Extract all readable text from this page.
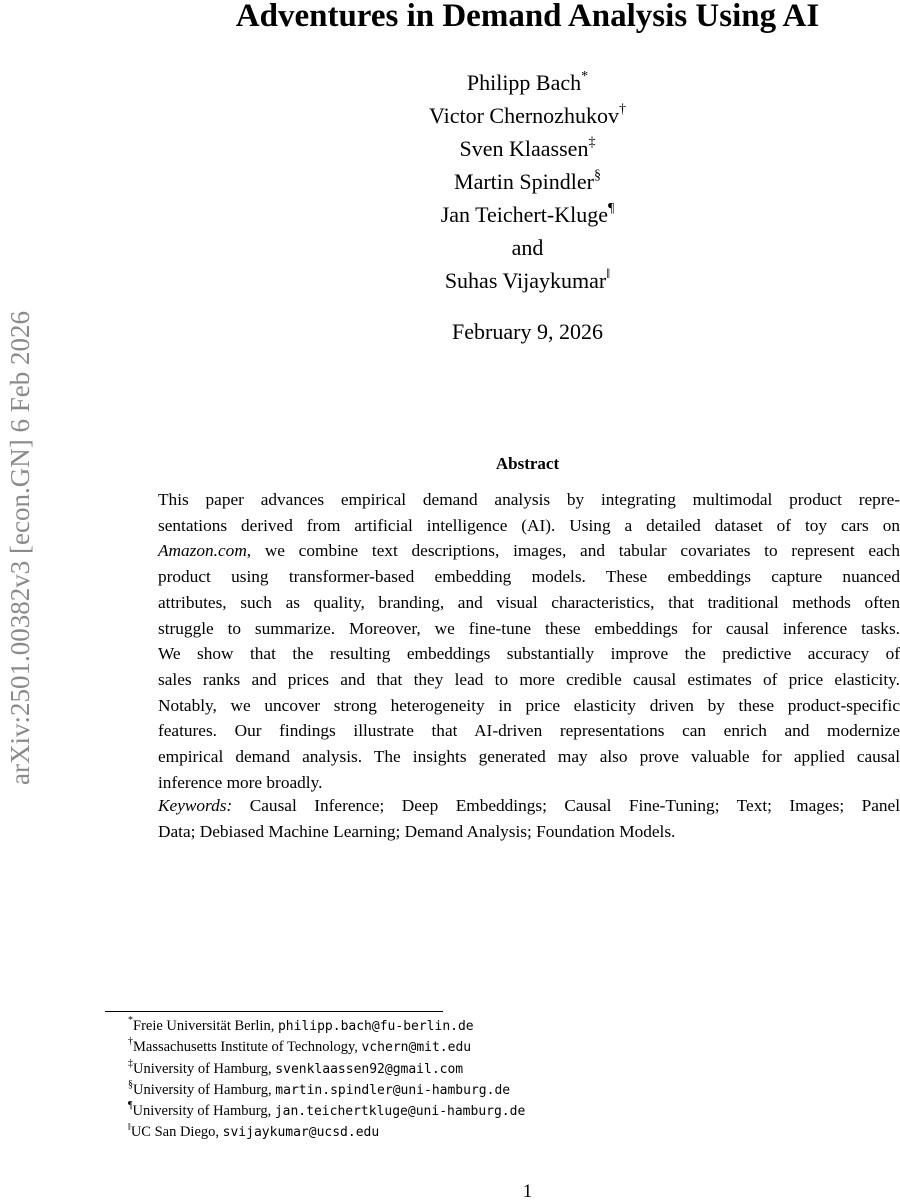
Adventures in Demand Analysis Using AI
Philipp Bach*
Victor Chernozhukov†
Sven Klaassen‡
Martin Spindler§
Jan Teichert-Kluge¶
and
Suhas Vijaykumar‖
February 9, 2026
arXiv:2501.00382v3 [econ.GN] 6 Feb 2026	Abstract
This paper advances empirical demand analysis by integrating multimodal product repre-
sentations derived from artificial intelligence (AI). Using a detailed dataset of toy cars on
Amazon.com, we combine text descriptions, images, and tabular covariates to represent each
product using transformer-based embedding models. These embeddings capture nuanced
attributes, such as quality, branding, and visual characteristics, that traditional methods often
struggle to summarize. Moreover, we fine-tune these embeddings for causal inference tasks.
We show that the resulting embeddings substantially improve the predictive accuracy of
sales ranks and prices and that they lead to more credible causal estimates of price elasticity.
Notably, we uncover strong heterogeneity in price elasticity driven by these product-specific
features. Our findings illustrate that AI-driven representations can enrich and modernize
empirical demand analysis. The insights generated may also prove valuable for applied causal
inference more broadly.
Keywords: Causal Inference; Deep Embeddings; Causal Fine-Tuning; Text; Images; Panel
Data; Debiased Machine Learning; Demand Analysis; Foundation Models.
*Freie Universität Berlin, philipp.bach@fu-berlin.de
†Massachusetts Institute of Technology, vchern@mit.edu
‡University of Hamburg, svenklaassen92@gmail.com
§University of Hamburg, martin.spindler@uni-hamburg.de
¶University of Hamburg, jan.teichertkluge@uni-hamburg.de
‖UC San Diego, svijaykumar@ucsd.edu
1
